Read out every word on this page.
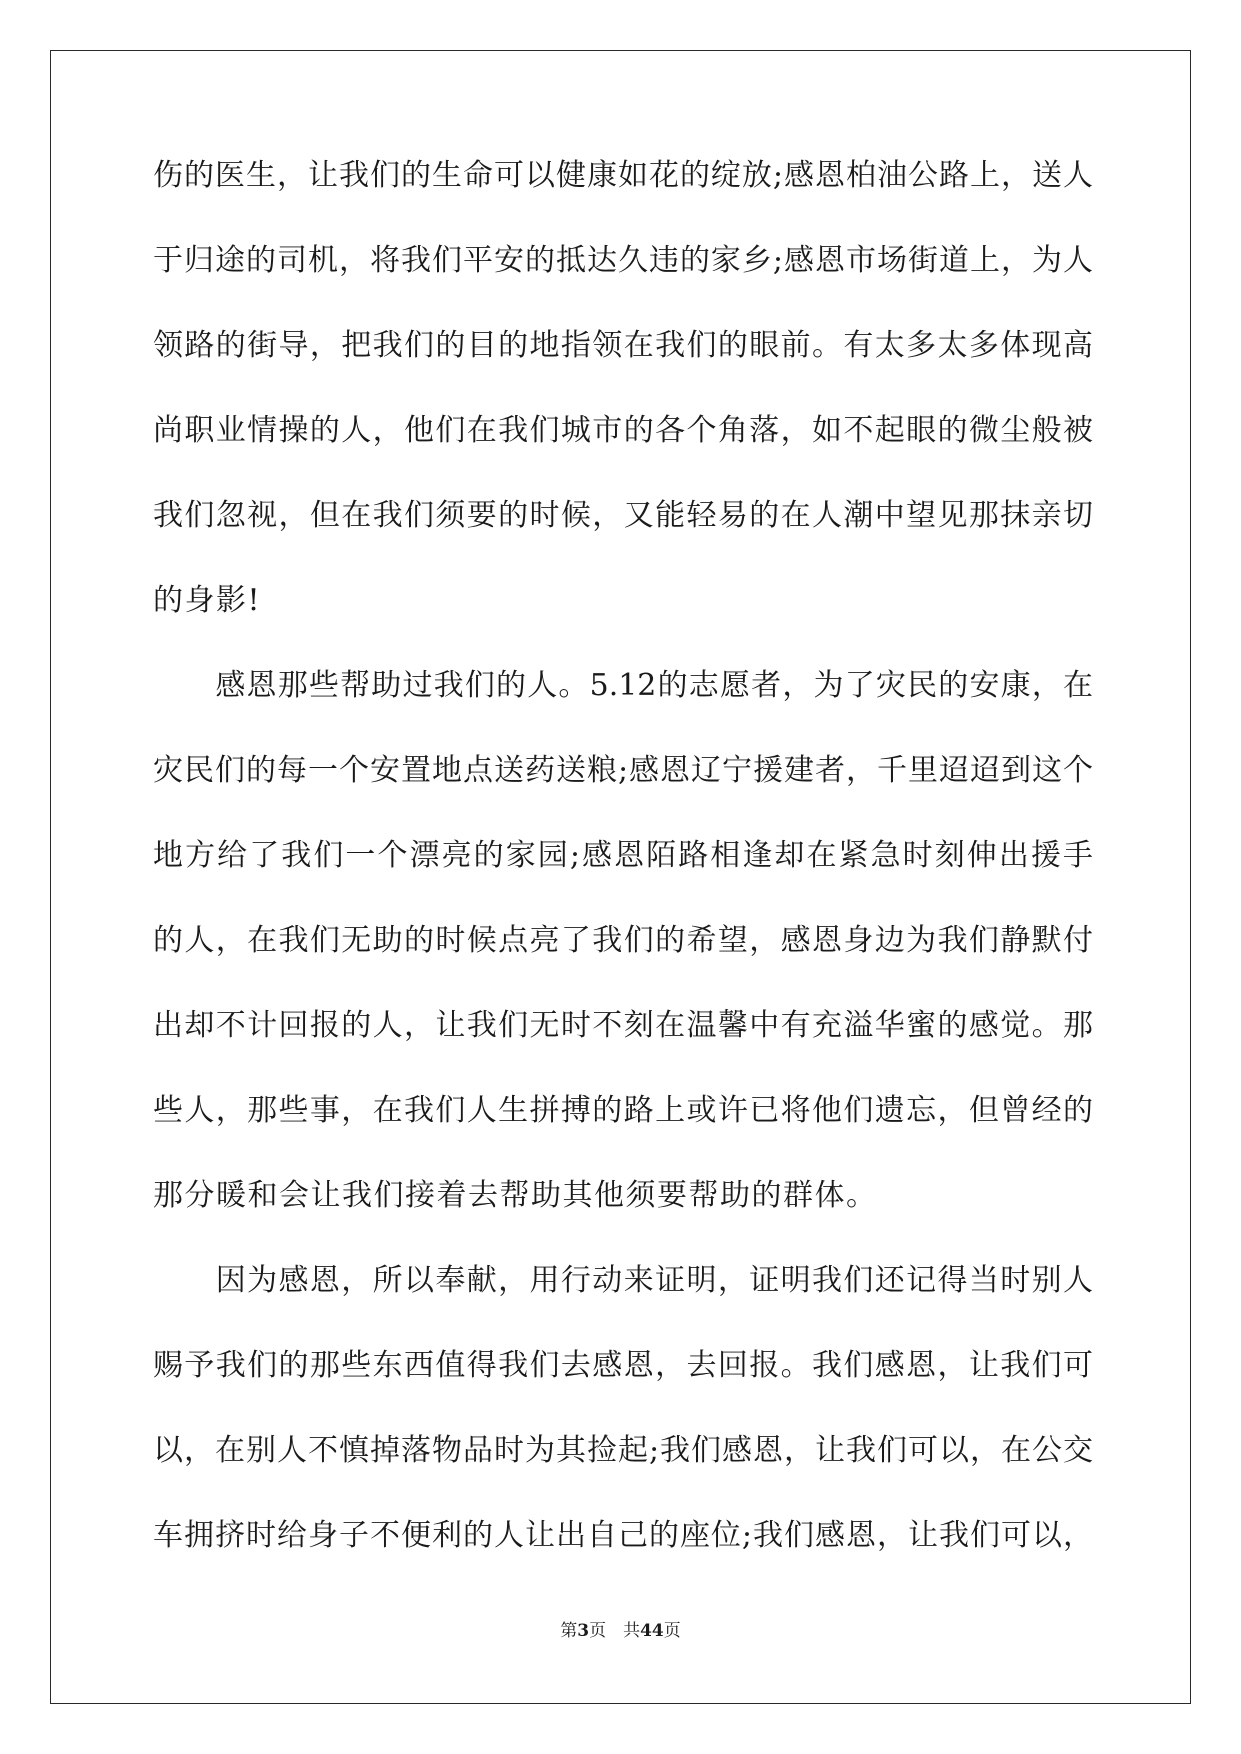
伤的医生，让我们的生命可以健康如花的绽放;感恩柏油公路上，送人
于归途的司机，将我们平安的抵达久违的家乡;感恩市场街道上，为人
领路的街导，把我们的目的地指领在我们的眼前。有太多太多体现高
尚职业情操的人，他们在我们城市的各个角落，如不起眼的微尘般被
我们忽视，但在我们须要的时候，又能轻易的在人潮中望见那抹亲切
的身影!
　　感恩那些帮助过我们的人。5.12的志愿者，为了灾民的安康，在
灾民们的每一个安置地点送药送粮;感恩辽宁援建者，千里迢迢到这个
地方给了我们一个漂亮的家园;感恩陌路相逢却在紧急时刻伸出援手
的人，在我们无助的时候点亮了我们的希望，感恩身边为我们静默付
出却不计回报的人，让我们无时不刻在温馨中有充溢华蜜的感觉。那
些人，那些事，在我们人生拼搏的路上或许已将他们遗忘，但曾经的
那分暖和会让我们接着去帮助其他须要帮助的群体。
　　因为感恩，所以奉献，用行动来证明，证明我们还记得当时别人
赐予我们的那些东西值得我们去感恩，去回报。我们感恩，让我们可
以，在别人不慎掉落物品时为其捡起;我们感恩，让我们可以，在公交
车拥挤时给身子不便利的人让出自己的座位;我们感恩，让我们可以，
第3页　共44页
